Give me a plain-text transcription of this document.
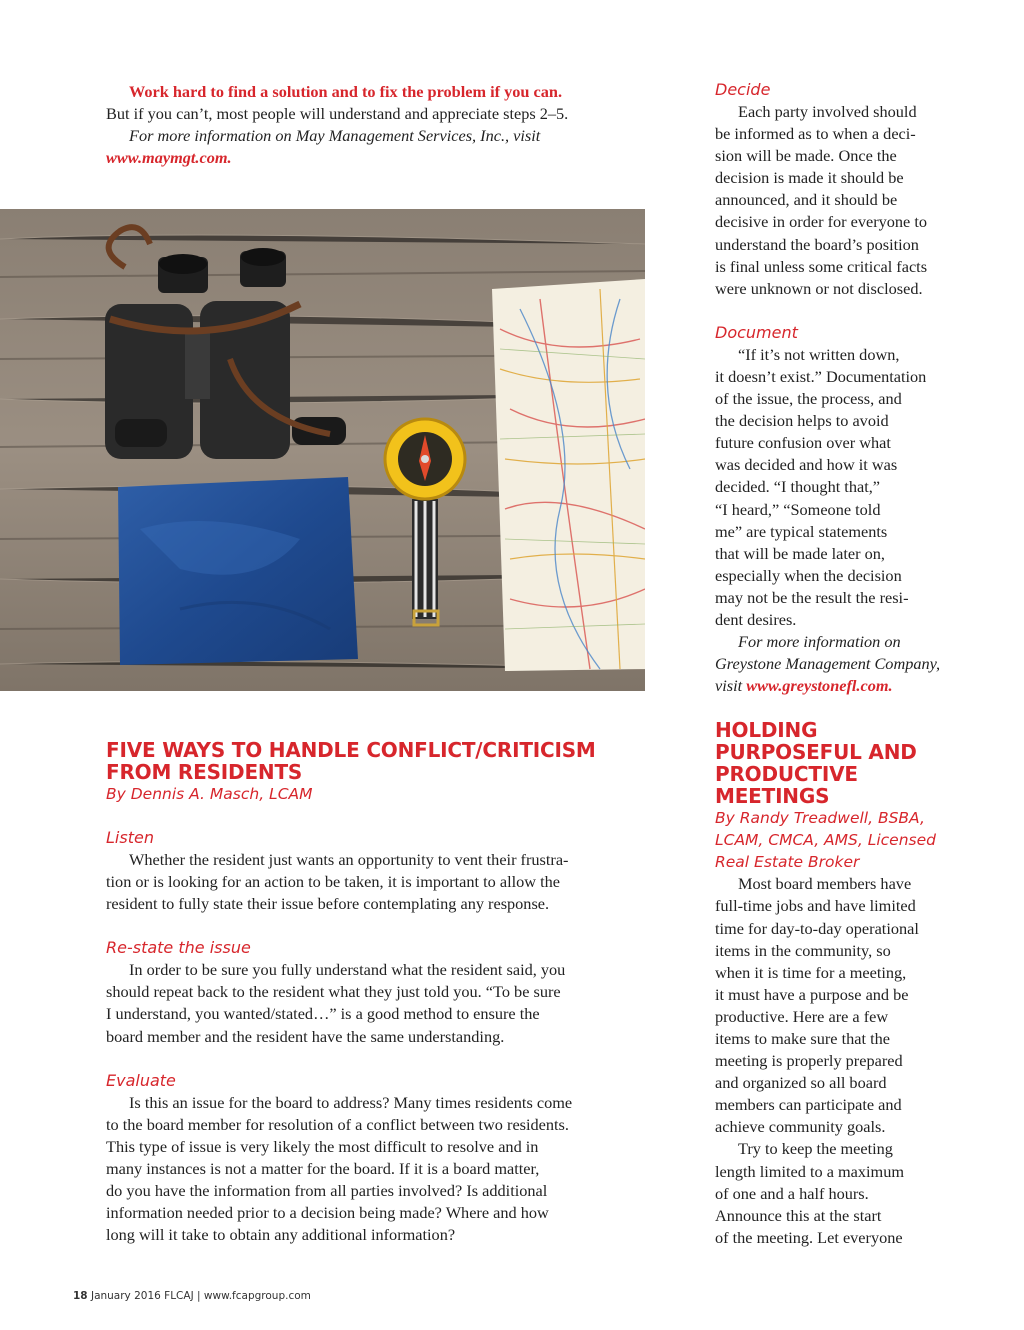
Work hard to find a solution and to fix the problem if you can.

But if you can’t, most people will understand and appreciate steps 2–5.

For more information on May Management Services, Inc., visit

www.maymgt.com.

FIVE WAYS TO HANDLE CONFLICT/CRITICISM FROM RESIDENTS

By Dennis A. Masch, LCAM

Listen

Whether the resident just wants an opportunity to vent their frustra-

tion or is looking for an action to be taken, it is important to allow the

resident to fully state their issue before contemplating any response.

Re-state the issue

In order to be sure you fully understand what the resident said, you

should repeat back to the resident what they just told you. “To be sure

I understand, you wanted/stated…” is a good method to ensure the

board member and the resident have the same understanding.

Evaluate

Is this an issue for the board to address? Many times residents come

to the board member for resolution of a conflict between two residents.

This type of issue is very likely the most difficult to resolve and in

many instances is not a matter for the board. If it is a board matter,

do you have the information from all parties involved? Is additional

information needed prior to a decision being made? Where and how

long will it take to obtain any additional information?

Decide

Each party involved should

be informed as to when a deci-

sion will be made. Once the

decision is made it should be

announced, and it should be

decisive in order for everyone to

understand the board’s position

is final unless some critical facts

were unknown or not disclosed.

Document

“If it’s not written down,

it doesn’t exist.” Documentation

of the issue, the process, and

the decision helps to avoid

future confusion over what

was decided and how it was

decided. “I thought that,”

“I heard,” “Someone told

me” are typical statements

that will be made later on,

especially when the decision

may not be the result the resi-

dent desires.

For more information on

Greystone Management Company,

visit www.greystonefl.com.

HOLDING
PURPOSEFUL AND
PRODUCTIVE
MEETINGS

By Randy Treadwell, BSBA,

LCAM, CMCA, AMS, Licensed

Real Estate Broker

Most board members have

full-time jobs and have limited

time for day-to-day operational

items in the community, so

when it is time for a meeting,

it must have a purpose and be

productive. Here are a few

items to make sure that the

meeting is properly prepared

and organized so all board

members can participate and

achieve community goals.

Try to keep the meeting

length limited to a maximum

of one and a half hours.

Announce this at the start

of the meeting. Let everyone

18 January 2016 FLCAJ | www.fcapgroup.com
